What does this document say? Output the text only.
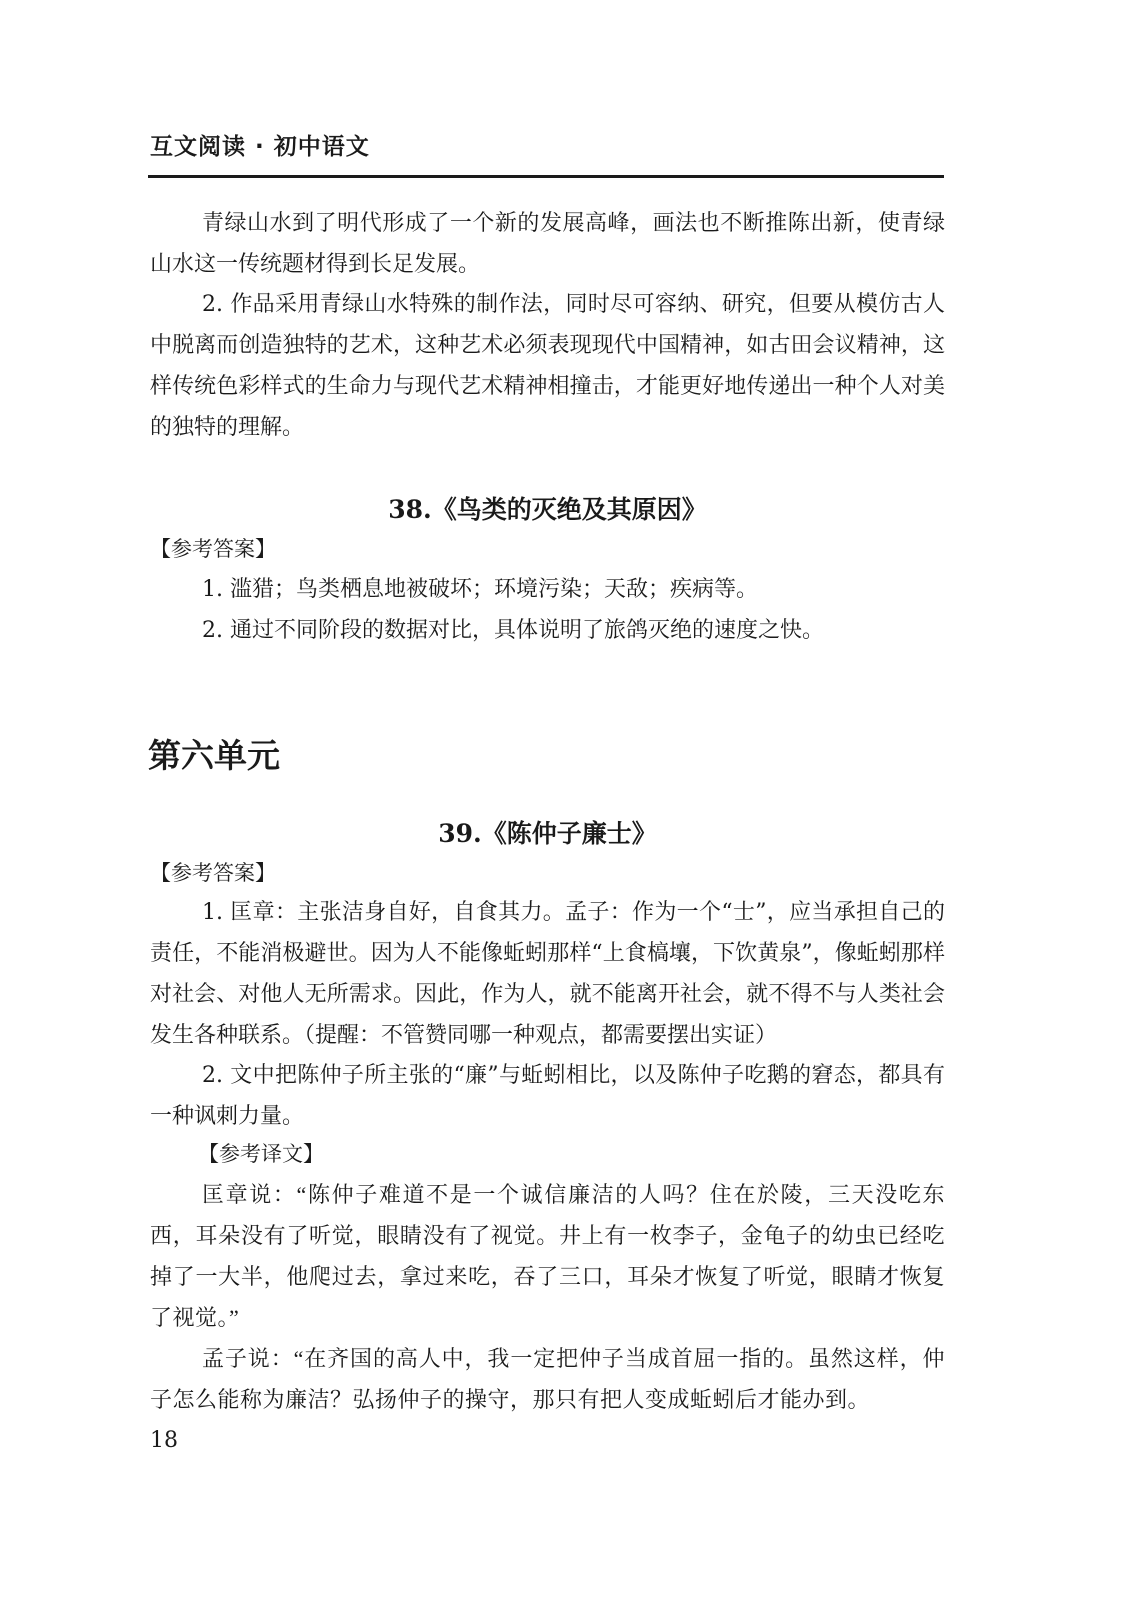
互文阅读 · 初中语文

青绿山水到了明代形成了一个新的发展高峰，画法也不断推陈出新，使青绿山水这一传统题材得到长足发展。

2. 作品采用青绿山水特殊的制作法，同时尽可容纳、研究，但要从模仿古人中脱离而创造独特的艺术，这种艺术必须表现现代中国精神，如古田会议精神，这样传统色彩样式的生命力与现代艺术精神相撞击，才能更好地传递出一种个人对美的独特的理解。

38.《鸟类的灭绝及其原因》

【参考答案】

1. 滥猎；鸟类栖息地被破坏；环境污染；天敌；疾病等。

2. 通过不同阶段的数据对比，具体说明了旅鸽灭绝的速度之快。

第六单元
39.《陈仲子廉士》

【参考答案】

1. 匡章：主张洁身自好，自食其力。孟子：作为一个“士”，应当承担自己的责任，不能消极避世。因为人不能像蚯蚓那样“上食槁壤，下饮黄泉”，像蚯蚓那样对社会、对他人无所需求。因此，作为人，就不能离开社会，就不得不与人类社会发生各种联系。（提醒：不管赞同哪一种观点，都需要摆出实证）

2. 文中把陈仲子所主张的“廉”与蚯蚓相比，以及陈仲子吃鹅的窘态，都具有一种讽刺力量。

【参考译文】

匡章说：“陈仲子难道不是一个诚信廉洁的人吗？住在於陵，三天没吃东西，耳朵没有了听觉，眼睛没有了视觉。井上有一枚李子，金龟子的幼虫已经吃掉了一大半，他爬过去，拿过来吃，吞了三口，耳朵才恢复了听觉，眼睛才恢复了视觉。”

孟子说：“在齐国的高人中，我一定把仲子当成首屈一指的。虽然这样，仲子怎么能称为廉洁？弘扬仲子的操守，那只有把人变成蚯蚓后才能办到。

18
